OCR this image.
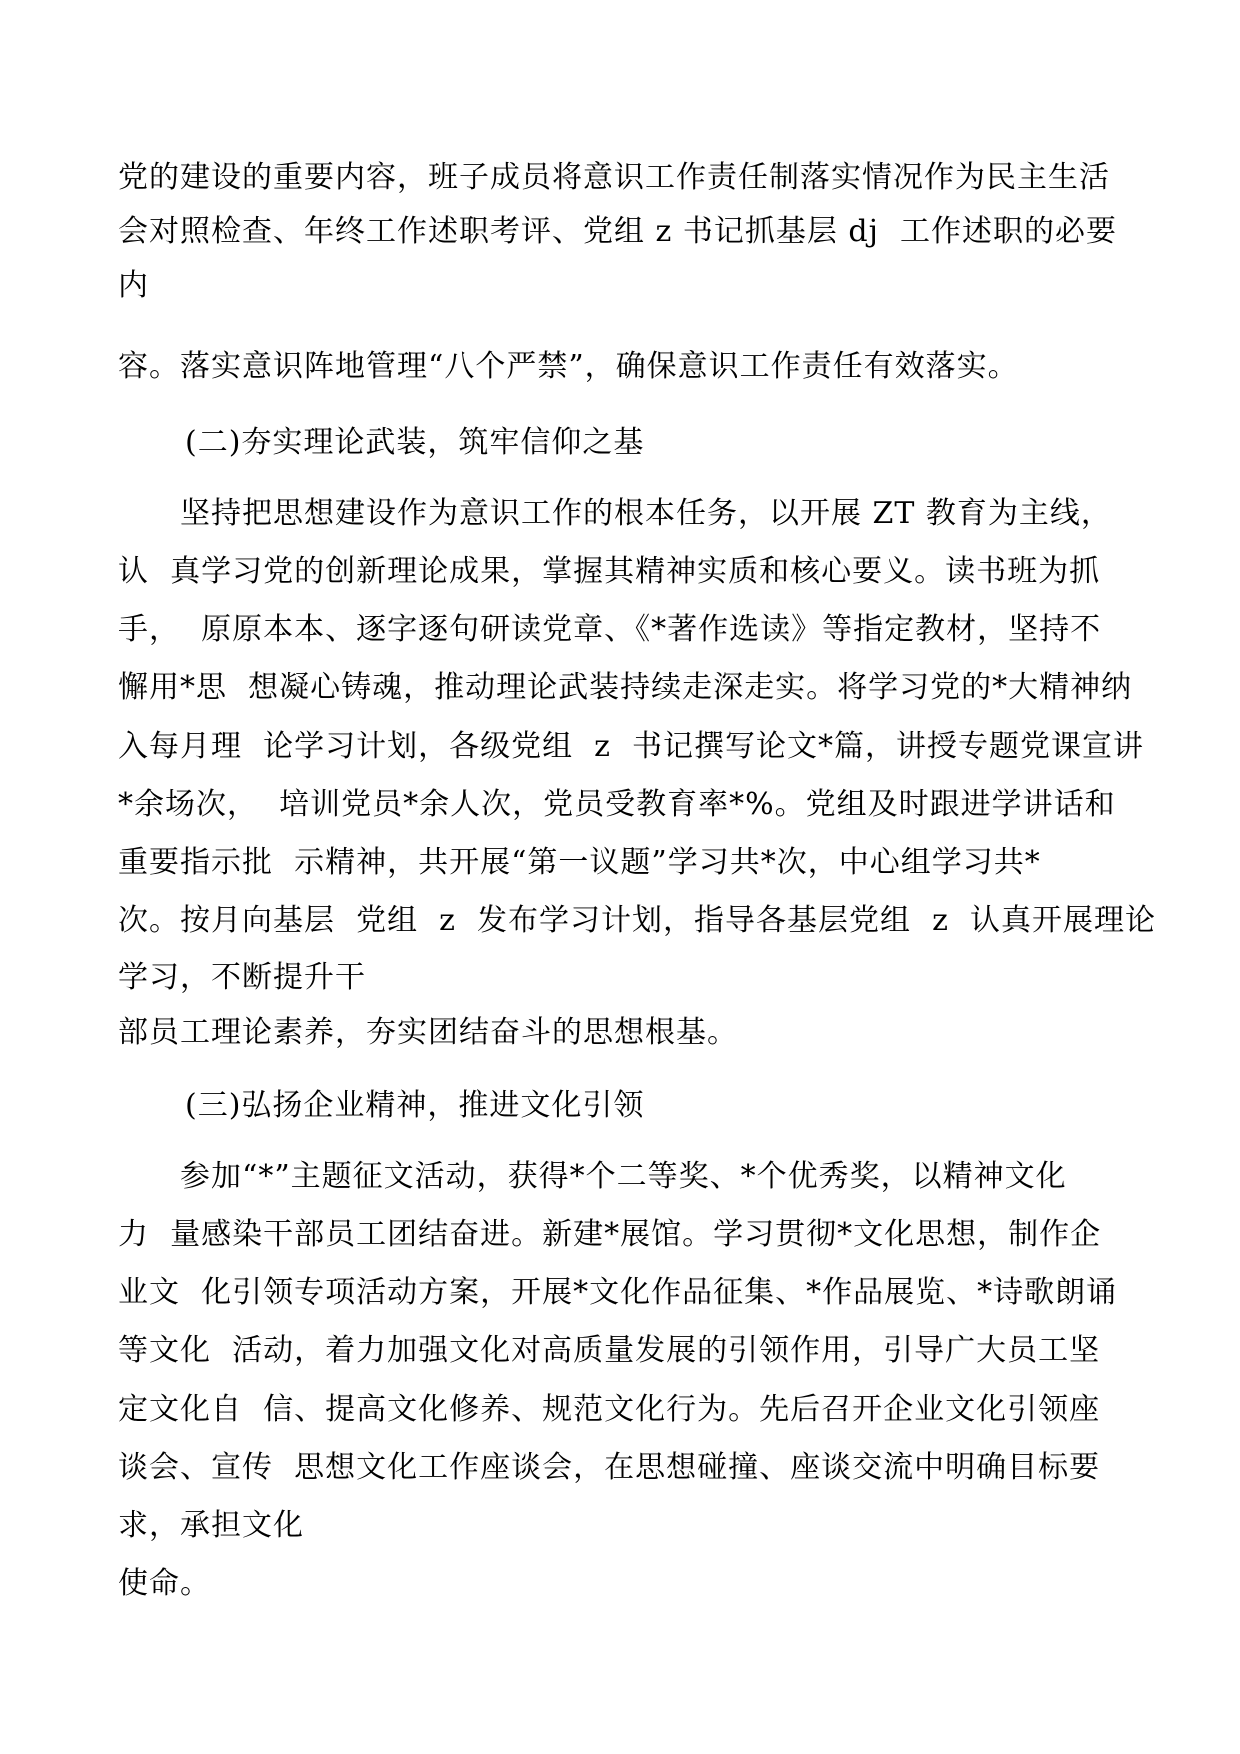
党的建设的重要内容，班子成员将意识工作责任制落实情况作为民主生活
会对照检查、年终工作述职考评、党组 z 书记抓基层 dj  工作述职的必要
内
容。落实意识阵地管理“八个严禁”，确保意识工作责任有效落实。
(二)夯实理论武装，筑牢信仰之基
坚持把思想建设作为意识工作的根本任务，以开展 ZT 教育为主线，
认  真学习党的创新理论成果，掌握其精神实质和核心要义。读书班为抓
手，  原原本本、逐字逐句研读党章、《*著作选读》等指定教材，坚持不
懈用*思  想凝心铸魂，推动理论武装持续走深走实。将学习党的*大精神纳
入每月理  论学习计划，各级党组  z  书记撰写论文*篇，讲授专题党课宣讲
*余场次，  培训党员*余人次，党员受教育率*%。党组及时跟进学讲话和
重要指示批  示精神，共开展“第一议题”学习共*次，中心组学习共*
次。按月向基层  党组  z  发布学习计划，指导各基层党组  z  认真开展理论
学习，不断提升干
部员工理论素养，夯实团结奋斗的思想根基。
(三)弘扬企业精神，推进文化引领
参加“*”主题征文活动，获得*个二等奖、*个优秀奖，以精神文化
力  量感染干部员工团结奋进。新建*展馆。学习贯彻*文化思想，制作企
业文  化引领专项活动方案，开展*文化作品征集、*作品展览、*诗歌朗诵
等文化  活动，着力加强文化对高质量发展的引领作用，引导广大员工坚
定文化自  信、提高文化修养、规范文化行为。先后召开企业文化引领座
谈会、宣传  思想文化工作座谈会，在思想碰撞、座谈交流中明确目标要
求，承担文化
使命。
